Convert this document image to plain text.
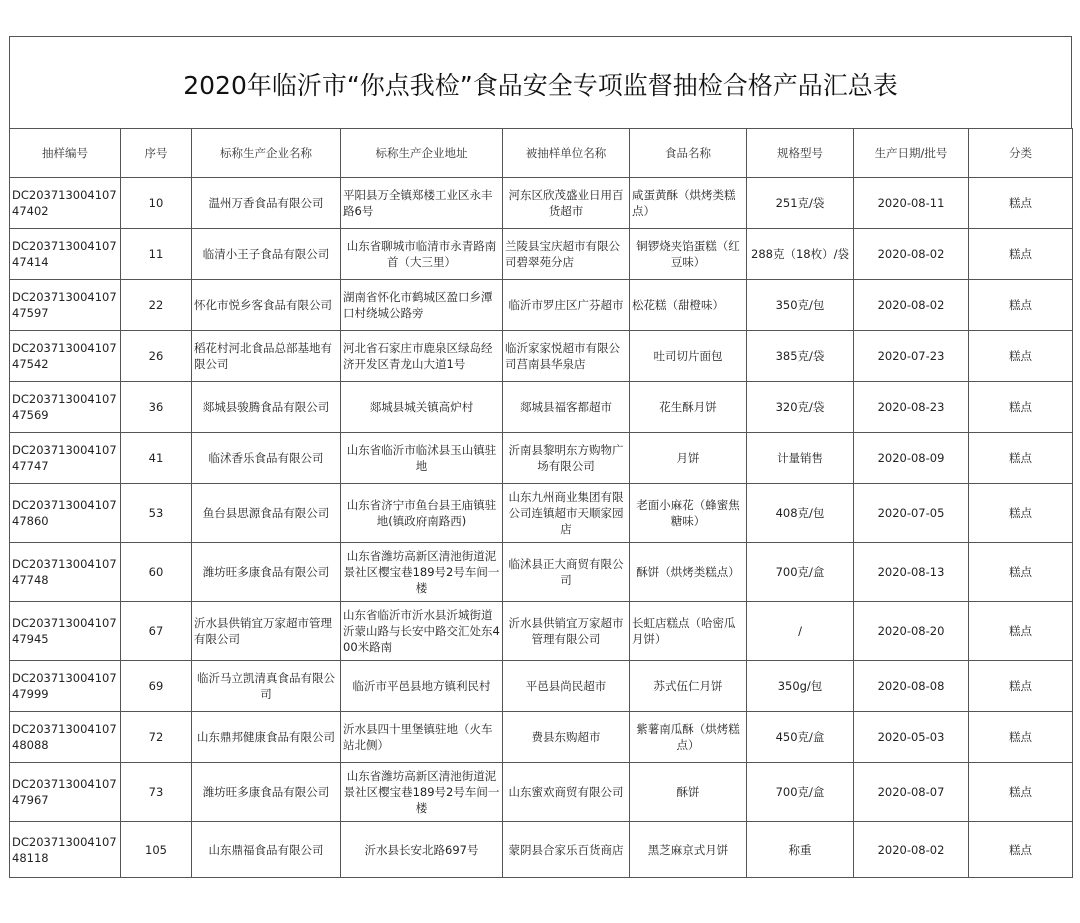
2020年临沂市“你点我检”食品安全专项监督抽检合格产品汇总表
抽样编号	序号	标称生产企业名称	标称生产企业地址	被抽样单位名称	食品名称	规格型号	生产日期/批号	分类
DC20371300410747402	10	温州万香食品有限公司	平阳县万全镇郑楼工业区永丰路6号	河东区欣茂盛业日用百货超市	咸蛋黄酥（烘烤类糕点）	251克/袋	2020-08-11	糕点
DC20371300410747414	11	临清小王子食品有限公司	山东省聊城市临清市永青路南首（大三里）	兰陵县宝庆超市有限公司碧翠苑分店	铜锣烧夹馅蛋糕（红豆味）	288克（18枚）/袋	2020-08-02	糕点
DC20371300410747597	22	怀化市悦乡客食品有限公司	湖南省怀化市鹤城区盈口乡潭口村绕城公路旁	临沂市罗庄区广芬超市	松花糕（甜橙味）	350克/包	2020-08-02	糕点
DC20371300410747542	26	稻花村河北食品总部基地有限公司	河北省石家庄市鹿泉区绿岛经济开发区青龙山大道1号	临沂家家悦超市有限公司莒南县华泉店	吐司切片面包	385克/袋	2020-07-23	糕点
DC20371300410747569	36	郯城县骏腾食品有限公司	郯城县城关镇高炉村	郯城县福客都超市	花生酥月饼	320克/袋	2020-08-23	糕点
DC20371300410747747	41	临沭香乐食品有限公司	山东省临沂市临沭县玉山镇驻地	沂南县黎明东方购物广场有限公司	月饼	计量销售	2020-08-09	糕点
DC20371300410747860	53	鱼台县思源食品有限公司	山东省济宁市鱼台县王庙镇驻地(镇政府南路西)	山东九州商业集团有限公司连镇超市天顺家园店	老面小麻花（蜂蜜焦糖味）	408克/包	2020-07-05	糕点
DC20371300410747748	60	潍坊旺多康食品有限公司	山东省潍坊高新区清池街道泥景社区樱宝巷189号2号车间一楼	临沭县正大商贸有限公司	酥饼（烘烤类糕点）	700克/盒	2020-08-13	糕点
DC20371300410747945	67	沂水县供销宜万家超市管理有限公司	山东省临沂市沂水县沂城街道沂蒙山路与长安中路交汇处东400米路南	沂水县供销宜万家超市管理有限公司	长虹店糕点（哈密瓜月饼）	/	2020-08-20	糕点
DC20371300410747999	69	临沂马立凯清真食品有限公司	临沂市平邑县地方镇利民村	平邑县尚民超市	苏式伍仁月饼	350g/包	2020-08-08	糕点
DC20371300410748088	72	山东鼎邦健康食品有限公司	沂水县四十里堡镇驻地（火车站北侧）	费县东购超市	紫薯南瓜酥（烘烤糕点）	450克/盒	2020-05-03	糕点
DC20371300410747967	73	潍坊旺多康食品有限公司	山东省潍坊高新区清池街道泥景社区樱宝巷189号2号车间一楼	山东蜜欢商贸有限公司	酥饼	700克/盒	2020-08-07	糕点
DC20371300410748118	105	山东鼎福食品有限公司	沂水县长安北路697号	蒙阴县合家乐百货商店	黑芝麻京式月饼	称重	2020-08-02	糕点
